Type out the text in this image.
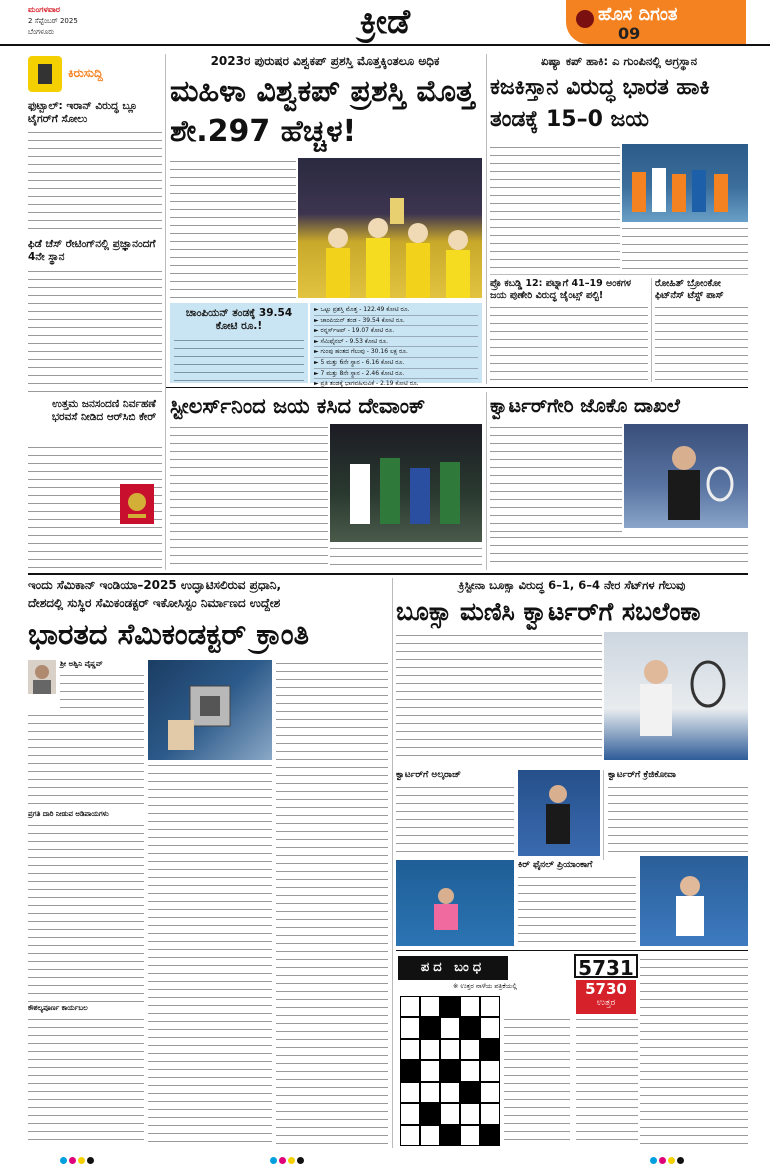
ಮಂಗಳವಾರ
2 ಸೆಪ್ಟೆಂಬರ್ 2025
ಬೆಂಗಳೂರು	ಕ್ರೀಡೆ	ಹೊಸ ದಿಗಂತ
09
ಕಿರುಸುದ್ದಿ
ಫುಟ್ಬಾಲ್: ಇರಾನ್ ವಿರುದ್ಧ ಬ್ಲೂ ಟೈಗರ್‌ಗೆ ಸೋಲು
ಫಿಡೆ ಚೆಸ್ ರೇಟಿಂಗ್‌ನಲ್ಲಿ ಪ್ರಜ್ಞಾನಂದಗೆ 4ನೇ ಸ್ಥಾನ
ಉತ್ತಮ ಜನಸಂದಣಿ ನಿರ್ವಹಣೆ ಭರವಸೆ ನೀಡಿದ ಆರ್‌ಸಿಬಿ ಕೇರ್
2023ರ ಪುರುಷರ ವಿಶ್ವಕಪ್ ಪ್ರಶಸ್ತಿ ಮೊತ್ತಕ್ಕಿಂತಲೂ ಅಧಿಕ
ಮಹಿಳಾ ವಿಶ್ವಕಪ್ ಪ್ರಶಸ್ತಿ ಮೊತ್ತ ಶೇ.297 ಹೆಚ್ಚಳ!
ಚಾಂಪಿಯನ್ ತಂಡಕ್ಕೆ 39.54 ಕೋಟಿ ರೂ.!
► ಒಟ್ಟು ಪ್ರಶಸ್ತಿ ಮೊತ್ತ - 122.49 ಕೋಟಿ ರೂ.
► ಚಾಂಪಿಯನ್ ತಂಡ - 39.54 ಕೋಟಿ ರೂ.
► ರನ್ನರ್ಸ್‌ಅಪ್ - 19.07 ಕೋಟಿ ರೂ.
► ಸೆಮಿಫೈನಲ್ - 9.53 ಕೋಟಿ ರೂ.
► ಗುಂಪು ಹಂತದ ಗೆಲುವು - 30.16 ಲಕ್ಷ ರೂ.
► 5 ಮತ್ತು 6ನೇ ಸ್ಥಾನ - 6.16 ಕೋಟಿ ರೂ.
► 7 ಮತ್ತು 8ನೇ ಸ್ಥಾನ - 2.46 ಕೋಟಿ ರೂ.
► ಪ್ರತಿ ತಂಡಕ್ಕೆ ಭಾಗವಹಿಸುವಿಕೆ - 2.19 ಕೋಟಿ ರೂ.
ಏಷ್ಯಾ ಕಪ್ ಹಾಕಿ: ಎ ಗುಂಪಿನಲ್ಲಿ ಅಗ್ರಸ್ಥಾನ
ಕಜಕಿಸ್ತಾನ ವಿರುದ್ಧ ಭಾರತ ಹಾಕಿ ತಂಡಕ್ಕೆ 15–0 ಜಯ
ಪ್ರೊ ಕಬಡ್ಡಿ 12: ಪಟ್ನಾಗೆ 41–19 ಅಂಕಗಳ ಜಯ ಪುಣೇರಿ ವಿರುದ್ಧ ಜೈಂಟ್ಸ್ ಪಲ್ಟಿ!
ರೋಹಿತ್ ಬ್ರೋಂಕೋ ಫಿಟ್‌ನೆಸ್ ಟೆಸ್ಟ್ ಪಾಸ್
ಸ್ಟೀಲರ್ಸ್‌ನಿಂದ ಜಯ ಕಸಿದ ದೇವಾಂಕ್	ಕ್ವಾರ್ಟರ್‌ಗೇರಿ ಜೊಕೊ ದಾಖಲೆ
ಇಂದು ಸೆಮಿಕಾನ್ ಇಂಡಿಯಾ–2025 ಉದ್ಘಾಟಿಸಲಿರುವ ಪ್ರಧಾನಿ,
ದೇಶದಲ್ಲಿ ಸುಸ್ಥಿರ ಸೆಮಿಕಂಡಕ್ಟರ್ ಇಕೋಸಿಸ್ಟಂ ನಿರ್ಮಾಣದ ಉದ್ದೇಶ
ಭಾರತದ ಸೆಮಿಕಂಡಕ್ಟರ್ ಕ್ರಾಂತಿ
ಶ್ರೀ ಅಶ್ವಿನಿ ವೈಷ್ಣವ್
ಪ್ರಗತಿ ದಾರಿ ನೀಡುವ ಅಡಿಪಾಯಗಳು
ಕೌಶಲ್ಯಪೂರ್ಣ ಕಾರ್ಯಬಲ
ಕ್ರಿಸ್ಟೀನಾ ಬೂಕ್ಸಾ ವಿರುದ್ಧ 6–1, 6–4 ನೇರ ಸೆಟ್‌ಗಳ ಗೆಲುವು
ಬೂಕ್ಸಾ ಮಣಿಸಿ ಕ್ವಾರ್ಟರ್‌ಗೆ ಸಬಲೆಂಕಾ
ಕ್ವಾರ್ಟರ್‌ಗೆ ಅಲ್ಕರಾಜ್	ಕ್ವಾರ್ಟರ್‌ಗೆ ಕ್ರೆಜಿಕೋವಾ
ಕಿರ್ ಫೈನಲ್ ಪ್ರಿಯಾಂಕಾಗೆ
ಪದ ಬಂಧ	5731
5730
ಉತ್ತರ
※ ಉತ್ತರ ನಾಳೆಯ ಪತ್ರಿಕೆಯಲ್ಲಿ
